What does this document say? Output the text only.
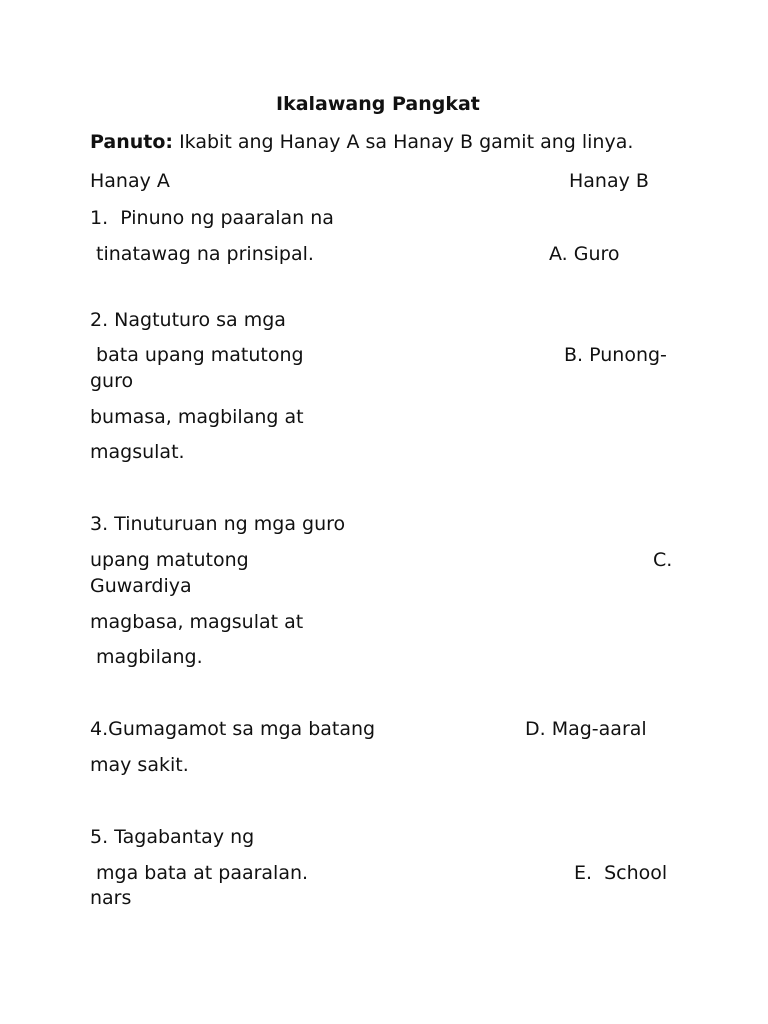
Ikalawang Pangkat
Panuto: Ikabit ang Hanay A sa Hanay B gamit ang linya.
Hanay A	Hanay B
1.  Pinuno ng paaralan na
tinatawag na prinsipal.	A. Guro
2. Nagtuturo sa mga
bata upang matutong	B. Punong-
guro
bumasa, magbilang at
magsulat.
3. Tinuturuan ng mga guro
upang matutong	C.
Guwardiya
magbasa, magsulat at
magbilang.
4.Gumagamot sa mga batang	D. Mag-aaral
may sakit.
5. Tagabantay ng
mga bata at paaralan.	E.  School
nars
